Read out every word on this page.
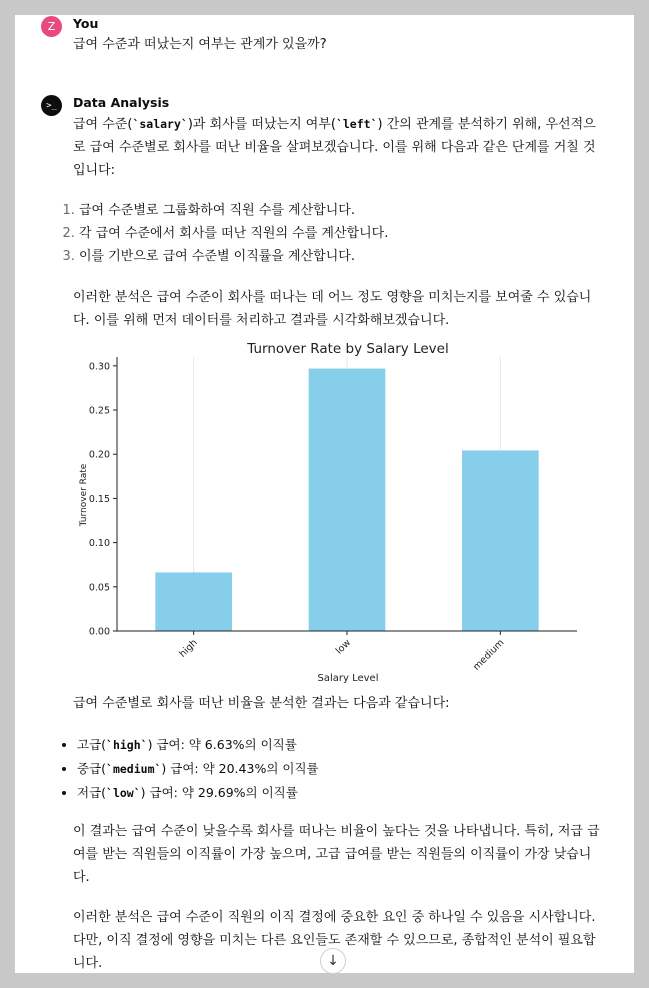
Z	You
급여 수준과 떠났는지 여부는 관계가 있을까?
>_	Data Analysis
급여 수준(`salary`)과 회사를 떠났는지 여부(`left`) 간의 관계를 분석하기 위해, 우선적으로 급여 수준별로 회사를 떠난 비율을 살펴보겠습니다. 이를 위해 다음과 같은 단계를 거칠 것입니다:
1. 급여 수준별로 그룹화하여 직원 수를 계산합니다.
2. 각 급여 수준에서 회사를 떠난 직원의 수를 계산합니다.
3. 이를 기반으로 급여 수준별 이직률을 계산합니다.
이러한 분석은 급여 수준이 회사를 떠나는 데 어느 정도 영향을 미치는지를 보여줄 수 있습니다. 이를 위해 먼저 데이터를 처리하고 결과를 시각화해보겠습니다.
Turnover Rate by Salary Level
0.00
0.05
0.10
0.15
0.20
0.25
0.30
high	low	medium
Salary Level
Turnover Rate
급여 수준별로 회사를 떠난 비율을 분석한 결과는 다음과 같습니다:
• 고급(`high`) 급여: 약 6.63%의 이직률
• 중급(`medium`) 급여: 약 20.43%의 이직률
• 저급(`low`) 급여: 약 29.69%의 이직률
이 결과는 급여 수준이 낮을수록 회사를 떠나는 비율이 높다는 것을 나타냅니다. 특히, 저급 급여를 받는 직원들의 이직률이 가장 높으며, 고급 급여를 받는 직원들의 이직률이 가장 낮습니다.
이러한 분석은 급여 수준이 직원의 이직 결정에 중요한 요인 중 하나일 수 있음을 시사합니다. 다만, 이직 결정에 영향을 미치는 다른 요인들도 존재할 수 있으므로, 종합적인 분석이 필요합니다.	↓
